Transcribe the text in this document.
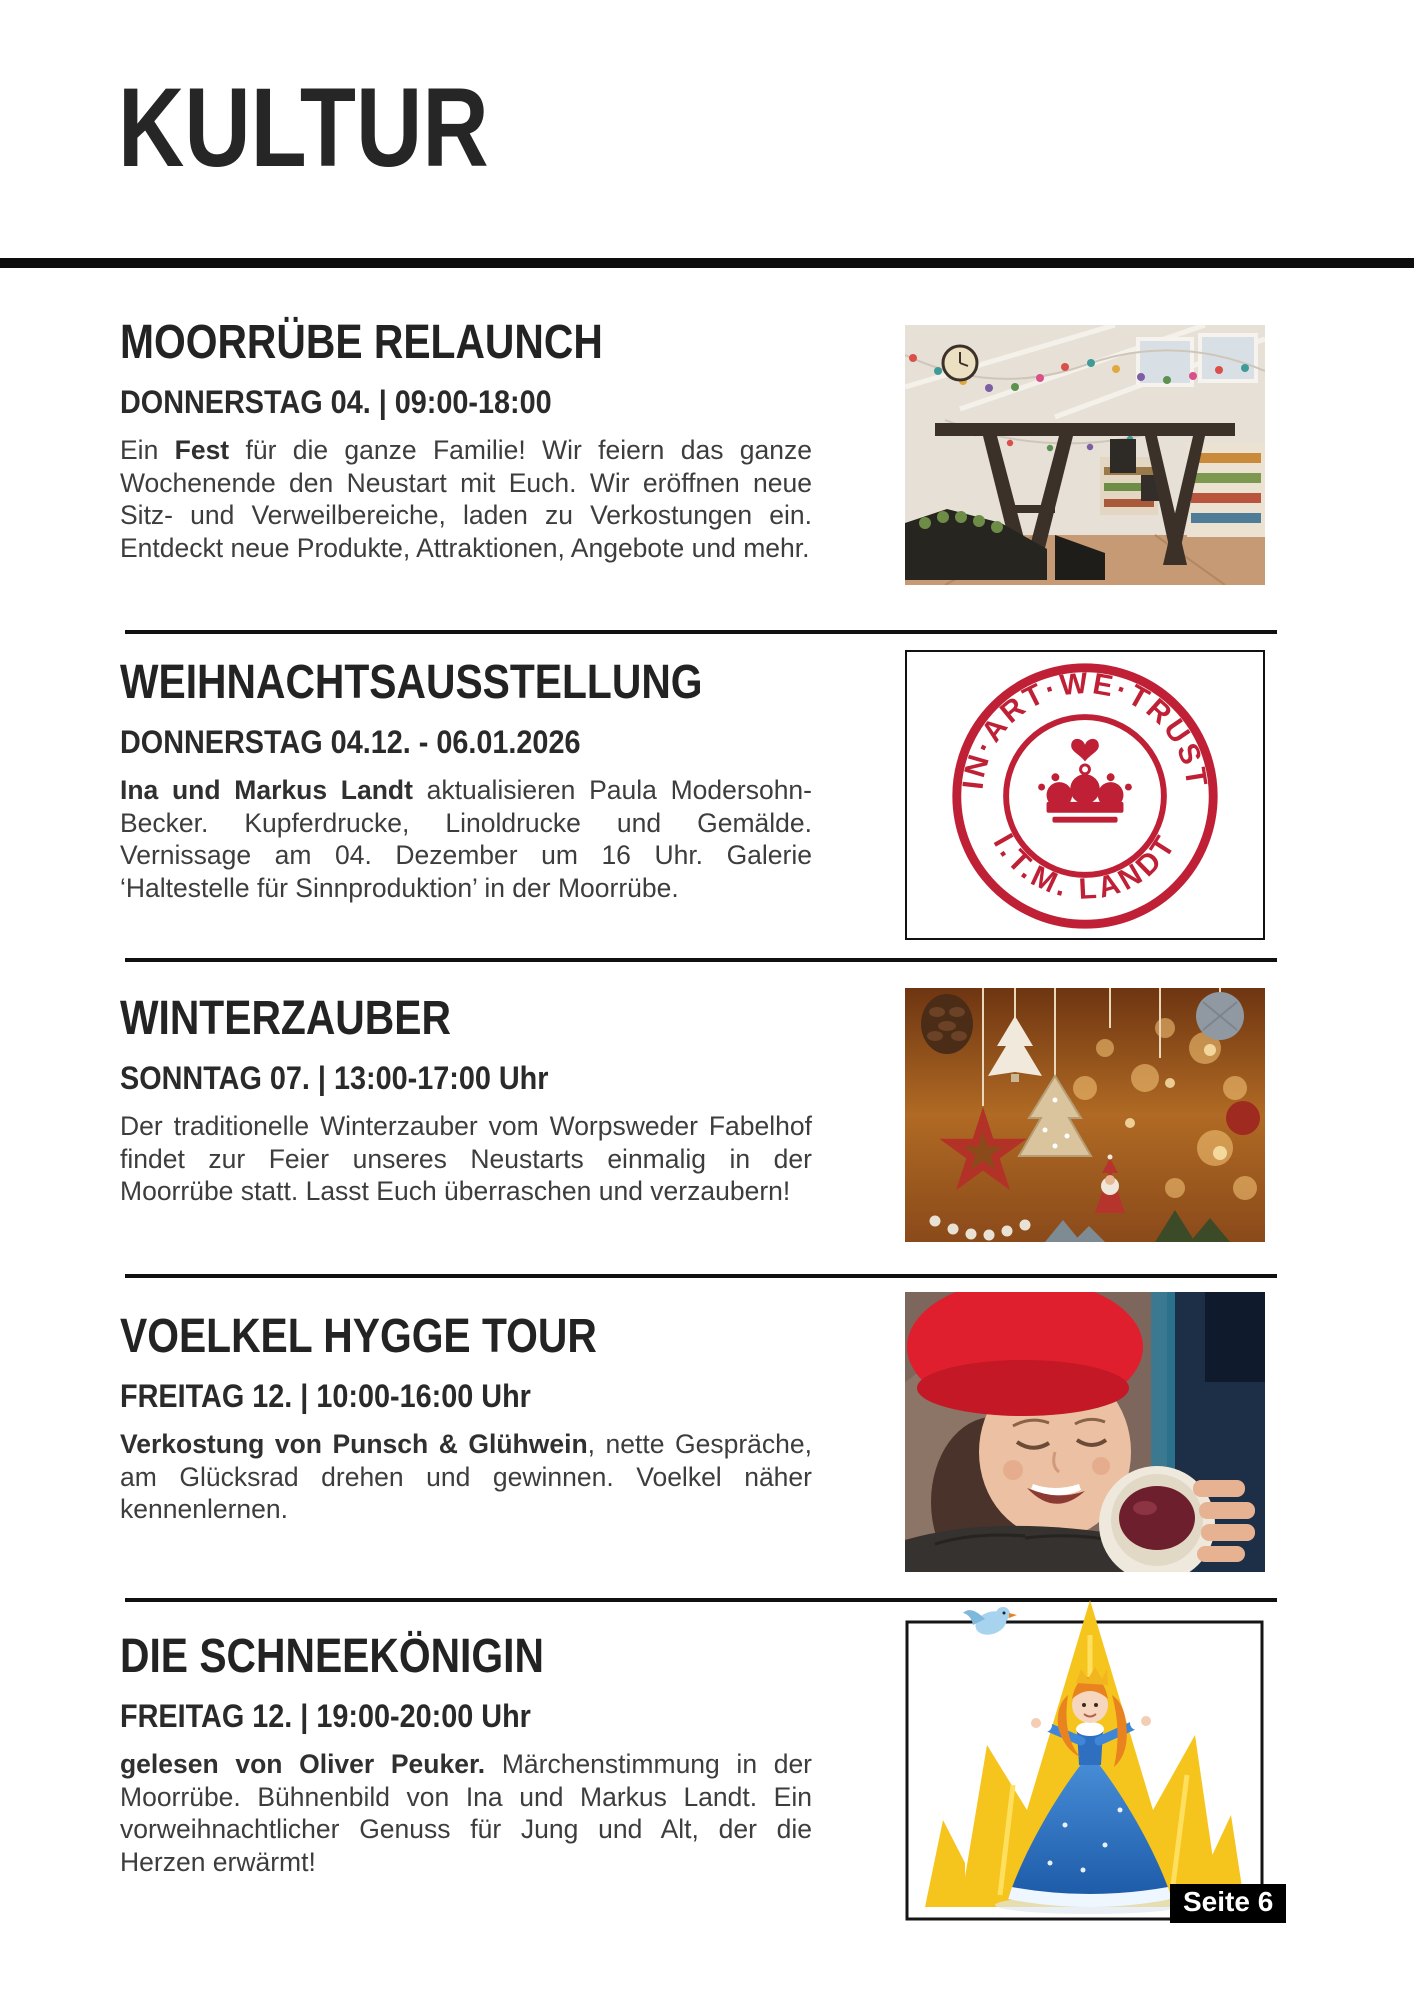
KULTUR
MOORRÜBE RELAUNCH
DONNERSTAG 04. | 09:00-18:00

Ein Fest für die ganze Familie! Wir feiern das ganze Wochenende den Neustart mit Euch. Wir eröffnen neue Sitz- und Verweilbereiche, laden zu Verkostungen ein. Entdeckt neue Produkte, Attraktionen, Angebote und mehr.

WEIHNACHTSAUSSTELLUNG
DONNERSTAG 04.12. - 06.01.2026

Ina und Markus Landt aktualisieren Paula Modersohn-Becker. Kupferdrucke, Linoldrucke und Gemälde. Vernissage am 04. Dezember um 16 Uhr. Galerie ‘Haltestelle für Sinnproduktion’ in der Moorrübe.

IN·ART·WE·TRUST
I.T.M. LANDT
WINTERZAUBER
SONNTAG 07. | 13:00-17:00 Uhr

Der traditionelle Winterzauber vom Worpsweder Fabelhof findet zur Feier unseres Neustarts einmalig in der Moorrübe statt. Lasst Euch überraschen und verzaubern!

VOELKEL HYGGE TOUR
FREITAG 12. | 10:00-16:00 Uhr

Verkostung von Punsch & Glühwein, nette Gespräche, am Glücksrad drehen und gewinnen. Voelkel näher kennenlernen.

DIE SCHNEEKÖNIGIN
FREITAG 12. | 19:00-20:00 Uhr

gelesen von Oliver Peuker. Märchenstimmung in der Moorrübe. Bühnenbild von Ina und Markus Landt. Ein vorweihnachtlicher Genuss für Jung und Alt, der die Herzen erwärmt!

Seite 6
